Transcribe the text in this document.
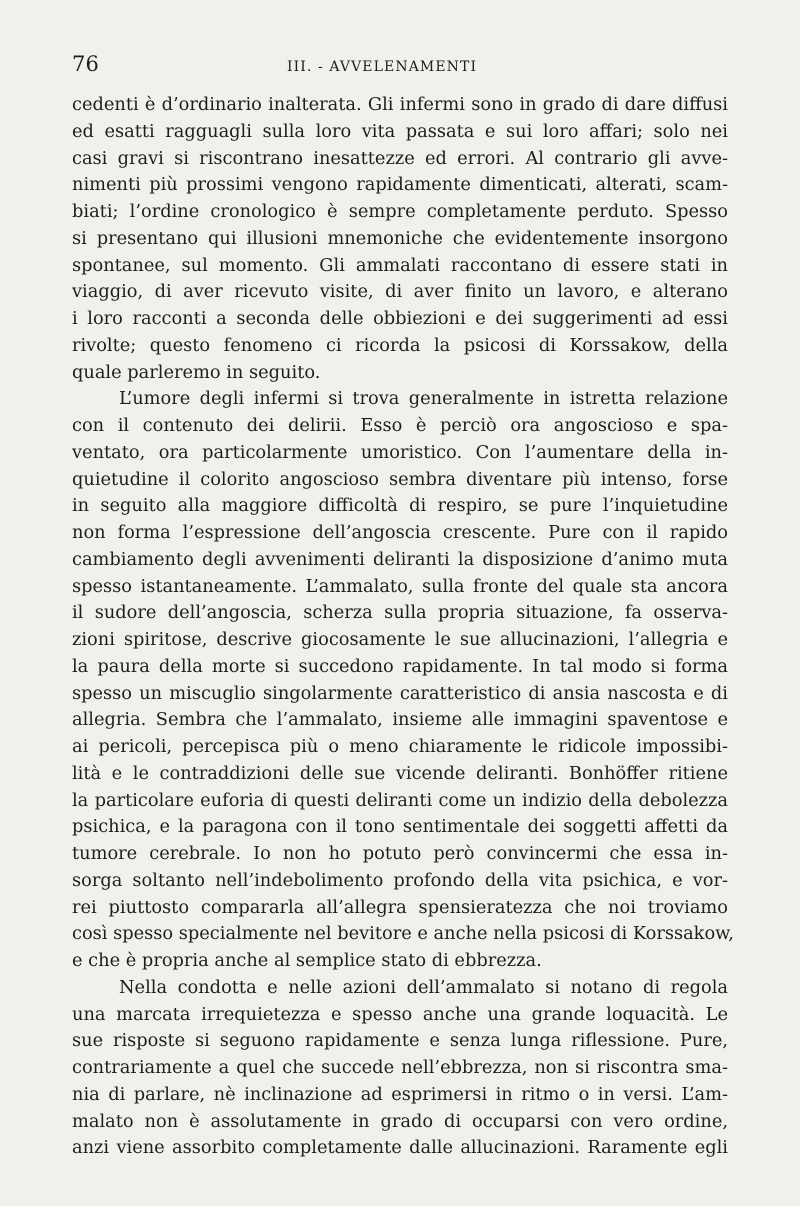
76	III. - AVVELENAMENTI
cedenti è d’ordinario inalterata. Gli infermi sono in grado di dare diffusi
ed esatti ragguagli sulla loro vita passata e sui loro affari; solo nei
casi gravi si riscontrano inesattezze ed errori. Al contrario gli avve-
nimenti più prossimi vengono rapidamente dimenticati, alterati, scam-
biati; l’ordine cronologico è sempre completamente perduto. Spesso
si presentano qui illusioni mnemoniche che evidentemente insorgono
spontanee, sul momento. Gli ammalati raccontano di essere stati in
viaggio, di aver ricevuto visite, di aver finito un lavoro, e alterano
i loro racconti a seconda delle obbiezioni e dei suggerimenti ad essi
rivolte; questo fenomeno ci ricorda la psicosi di Korssakow, della
quale parleremo in seguito.
L’umore degli infermi si trova generalmente in istretta relazione
con il contenuto dei delirii. Esso è perciò ora angoscioso e spa-
ventato, ora particolarmente umoristico. Con l’aumentare della in-
quietudine il colorito angoscioso sembra diventare più intenso, forse
in seguito alla maggiore difficoltà di respiro, se pure l’inquietudine
non forma l’espressione dell’angoscia crescente. Pure con il rapido
cambiamento degli avvenimenti deliranti la disposizione d’animo muta
spesso istantaneamente. L’ammalato, sulla fronte del quale sta ancora
il sudore dell’angoscia, scherza sulla propria situazione, fa osserva-
zioni spiritose, descrive giocosamente le sue allucinazioni, l’allegria e
la paura della morte si succedono rapidamente. In tal modo si forma
spesso un miscuglio singolarmente caratteristico di ansia nascosta e di
allegria. Sembra che l’ammalato, insieme alle immagini spaventose e
ai pericoli, percepisca più o meno chiaramente le ridicole impossibi-
lità e le contraddizioni delle sue vicende deliranti. Bonhöffer ritiene
la particolare euforia di questi deliranti come un indizio della debolezza
psichica, e la paragona con il tono sentimentale dei soggetti affetti da
tumore cerebrale. Io non ho potuto però convincermi che essa in-
sorga soltanto nell’indebolimento profondo della vita psichica, e vor-
rei piuttosto compararla all’allegra spensieratezza che noi troviamo
così spesso specialmente nel bevitore e anche nella psicosi di Korssakow,
e che è propria anche al semplice stato di ebbrezza.
Nella condotta e nelle azioni dell’ammalato si notano di regola
una marcata irrequietezza e spesso anche una grande loquacità. Le
sue risposte si seguono rapidamente e senza lunga riflessione. Pure,
contrariamente a quel che succede nell’ebbrezza, non si riscontra sma-
nia di parlare, nè inclinazione ad esprimersi in ritmo o in versi. L’am-
malato non è assolutamente in grado di occuparsi con vero ordine,
anzi viene assorbito completamente dalle allucinazioni. Raramente egli
